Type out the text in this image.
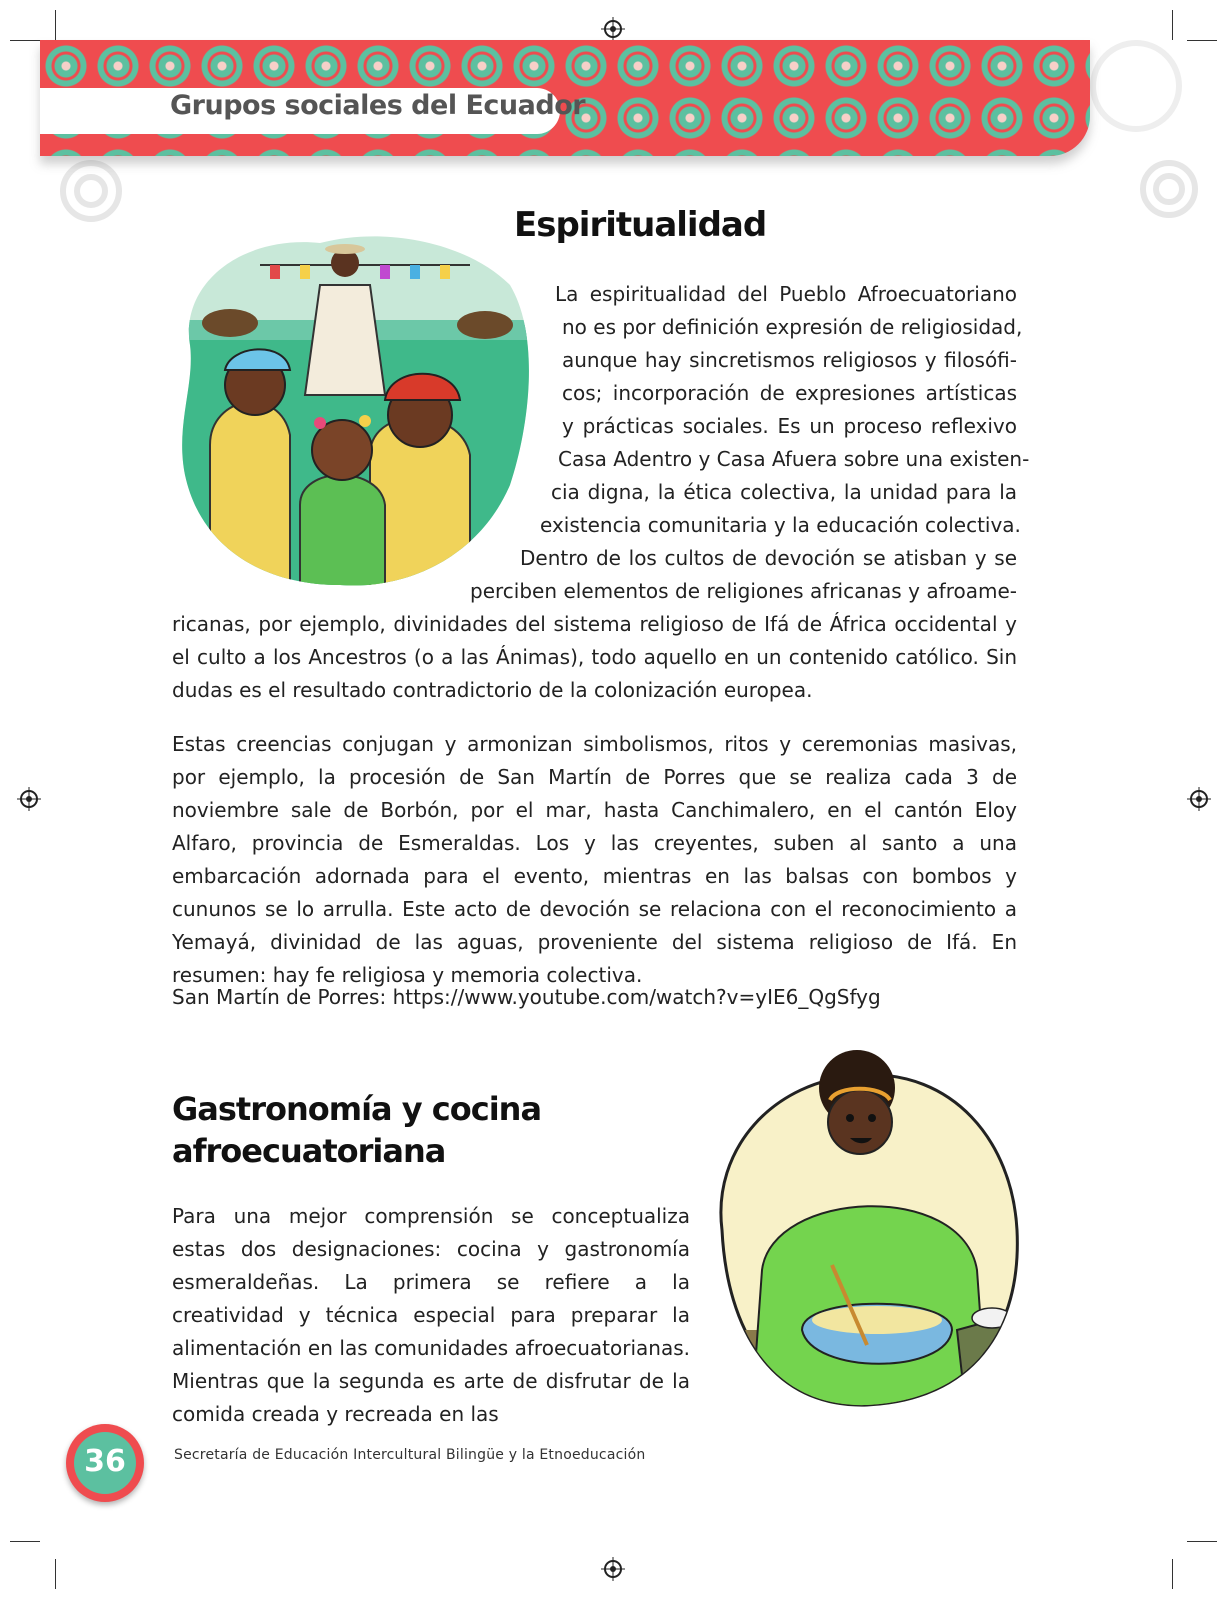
Grupos sociales del Ecuador
Espiritualidad
La espiritualidad del Pueblo Afroecuatoriano
no es por definición expresión de religiosidad,
aunque hay sincretismos religiosos y filosófi-
cos; incorporación de expresiones artísticas
y prácticas sociales. Es un proceso reflexivo
Casa Adentro y Casa Afuera sobre una existen-
cia digna, la ética colectiva, la unidad para la
existencia comunitaria y la educación colectiva.
Dentro de los cultos de devoción se atisban y se
perciben elementos de religiones africanas y afroame-

ricanas, por ejemplo, divinidades del sistema religioso de Ifá de África occidental y el culto a los Ancestros (o a las Ánimas), todo aquello en un contenido católico. Sin dudas es el resultado contradictorio de la colonización europea.

Estas creencias conjugan y armonizan simbolismos, ritos y ceremonias masivas, por ejemplo, la procesión de San Martín de Porres que se realiza cada 3 de noviembre sale de Borbón, por el mar, hasta Canchimalero, en el cantón Eloy Alfaro, provincia de Esmeraldas. Los y las creyentes, suben al santo a una embarcación adornada para el evento, mientras en las balsas con bombos y cununos se lo arrulla. Este acto de devoción se relaciona con el reconocimiento a Yemayá, divinidad de las aguas, proveniente del sistema religioso de Ifá. En resumen: hay fe religiosa y memoria colectiva.

San Martín de Porres: https://www.youtube.com/watch?v=yIE6_QgSfyg

Gastronomía y cocina
afroecuatoriana

Para una mejor comprensión se conceptualiza estas dos designaciones: cocina y gastronomía esmeraldeñas. La primera se refiere a la creatividad y técnica especial para preparar la alimentación en las comunidades afroecuatorianas. Mientras que la segunda es arte de disfrutar de la comida creada y recreada en las

36	Secretaría de Educación Intercultural Bilingüe y la Etnoeducación
